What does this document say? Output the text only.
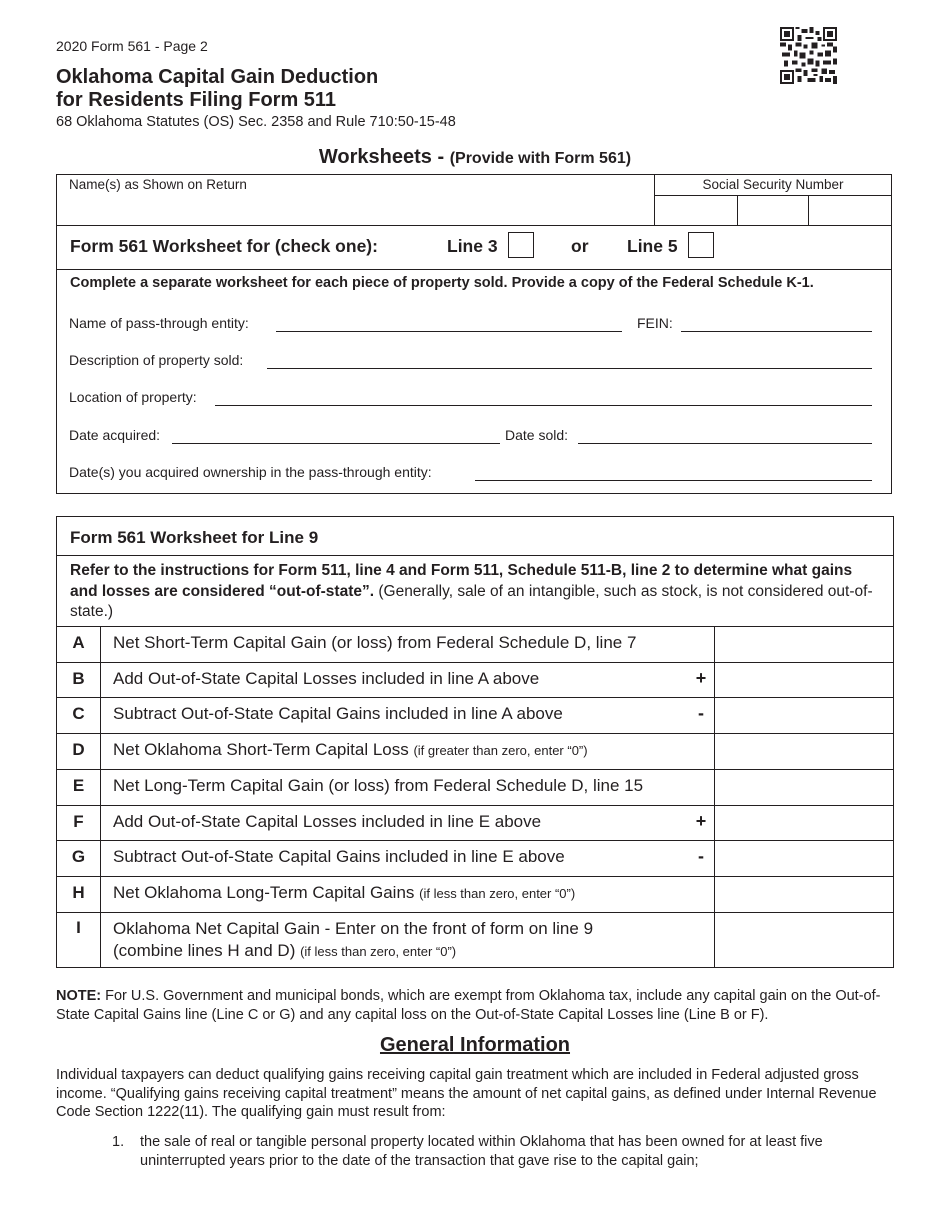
2020 Form 561 - Page 2
Oklahoma Capital Gain Deduction
for Residents Filing Form 511
68 Oklahoma Statutes (OS) Sec. 2358 and Rule 710:50-15-48
Worksheets - (Provide with Form 561)
Name(s) as Shown on Return	Social Security Number
Form 561 Worksheet for (check one):	Line 3	or Line 5
Complete a separate worksheet for each piece of property sold. Provide a copy of the Federal Schedule K-1.
Name of pass-through entity:	FEIN:
Description of property sold:
Location of property:
Date acquired:	Date sold:
Date(s) you acquired ownership in the pass-through entity:
Form 561 Worksheet for Line 9
Refer to the instructions for Form 511, line 4 and Form 511, Schedule 511-B, line 2 to determine what gains and losses are considered “out-of-state”. (Generally, sale of an intangible, such as stock, is not considered out-of-state.)
A	Net Short-Term Capital Gain (or loss) from Federal Schedule D, line 7
B	Add Out-of-State Capital Losses included in line A above	+
C	Subtract Out-of-State Capital Gains included in line A above	-
D	Net Oklahoma Short-Term Capital Loss (if greater than zero, enter “0”)
E	Net Long-Term Capital Gain (or loss) from Federal Schedule D, line 15
F	Add Out-of-State Capital Losses included in line E above	+
G	Subtract Out-of-State Capital Gains included in line E above	-
H	Net Oklahoma Long-Term Capital Gains (if less than zero, enter “0”)
I	Oklahoma Net Capital Gain - Enter on the front of form on line 9
(combine lines H and D) (if less than zero, enter “0”)
NOTE: For U.S. Government and municipal bonds, which are exempt from Oklahoma tax, include any capital gain on the Out-of-State Capital Gains line (Line C or G) and any capital loss on the Out-of-State Capital Losses line (Line B or F).
General Information
Individual taxpayers can deduct qualifying gains receiving capital gain treatment which are included in Federal adjusted gross income. “Qualifying gains receiving capital treatment” means the amount of net capital gains, as defined under Internal Revenue Code Section 1222(11). The qualifying gain must result from:
1. the sale of real or tangible personal property located within Oklahoma that has been owned for at least five uninterrupted years prior to the date of the transaction that gave rise to the capital gain;
